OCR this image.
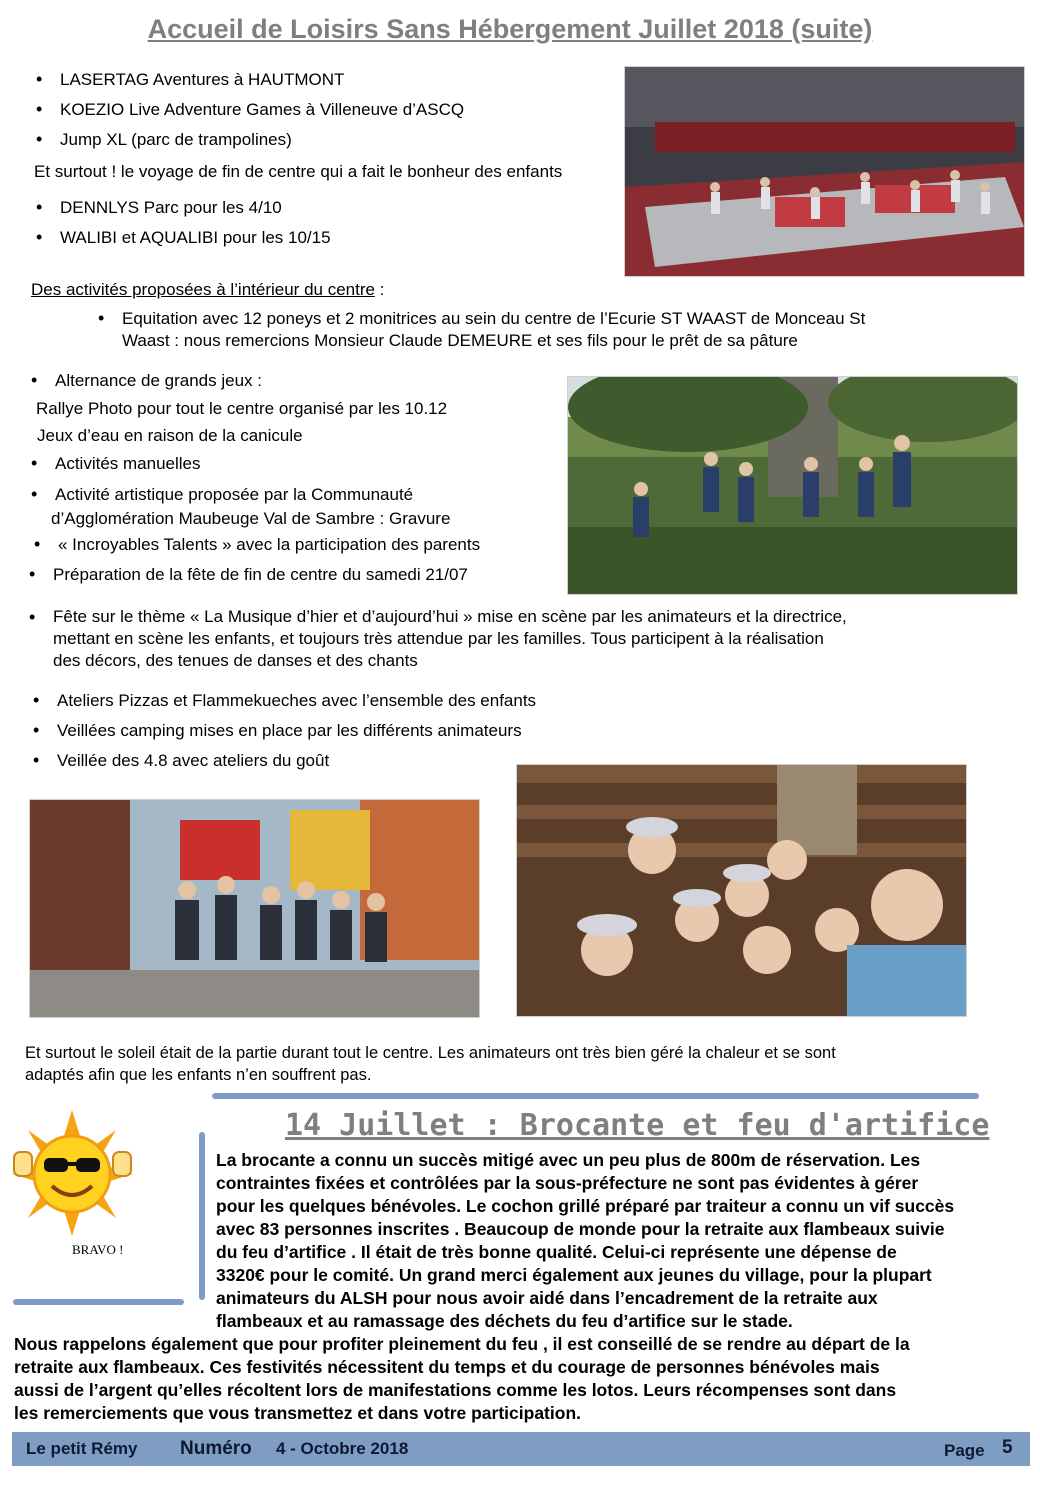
Accueil de Loisirs Sans Hébergement Juillet 2018 (suite)
• LASERTAG Aventures à HAUTMONT
• KOEZIO Live Adventure Games à Villeneuve d’ASCQ
• Jump XL (parc de trampolines)
Et surtout ! le voyage de fin de centre qui a fait le bonheur des enfants
• DENNLYS Parc pour les 4/10
• WALIBI et AQUALIBI pour les 10/15
Des activités proposées à l’intérieur du centre :
• Equitation avec 12 poneys et 2 monitrices au sein du centre de l’Ecurie ST WAAST de Monceau St
Waast : nous remercions Monsieur Claude DEMEURE et ses fils pour le prêt de sa pâture
• Alternance de grands jeux :
Rallye Photo pour tout le centre organisé par les 10.12
Jeux d’eau en raison de la canicule
• Activités manuelles
• Activité artistique proposée par la Communauté
d’Agglomération Maubeuge Val de Sambre : Gravure
• « Incroyables Talents » avec la participation des parents
• Préparation de la fête de fin de centre du samedi 21/07
• Fête sur le thème « La Musique d’hier et d’aujourd’hui » mise en scène par les animateurs et la directrice,
mettant en scène les enfants, et toujours très attendue par les familles. Tous participent à la réalisation
des décors, des tenues de danses et des chants
• Ateliers Pizzas et Flammekueches avec l’ensemble des enfants
• Veillées camping mises en place par les différents animateurs
• Veillée des 4.8 avec ateliers du goût
Et surtout le soleil était de la partie durant tout le centre. Les animateurs ont très bien géré la chaleur et se sont
adaptés afin que les enfants n’en souffrent pas.
BRAVO !
14 Juillet : Brocante et feu d'artifice
La brocante a connu un succès mitigé avec un peu plus de 800m de réservation. Les
contraintes fixées et contrôlées par la sous-préfecture ne sont pas évidentes à gérer
pour les quelques bénévoles. Le cochon grillé préparé par traiteur a connu un vif succès
avec 83 personnes inscrites . Beaucoup de monde pour la retraite aux flambeaux suivie
du feu d’artifice . Il était de très bonne qualité. Celui-ci représente une dépense de
3320€ pour le comité. Un grand merci également aux jeunes du village, pour la plupart
animateurs du ALSH pour nous avoir aidé dans l’encadrement de la retraite aux
flambeaux et au ramassage des déchets du feu d’artifice sur le stade.
Nous rappelons également que pour profiter pleinement du feu , il est conseillé de se rendre au départ de la
retraite aux flambeaux. Ces festivités nécessitent du temps et du courage de personnes bénévoles mais
aussi de l’argent qu’elles récoltent lors de manifestations comme les lotos. Leurs récompenses sont dans
les remerciements que vous transmettez et dans votre participation.
Le petit Rémy Numéro 4 - Octobre 2018	Page 5
